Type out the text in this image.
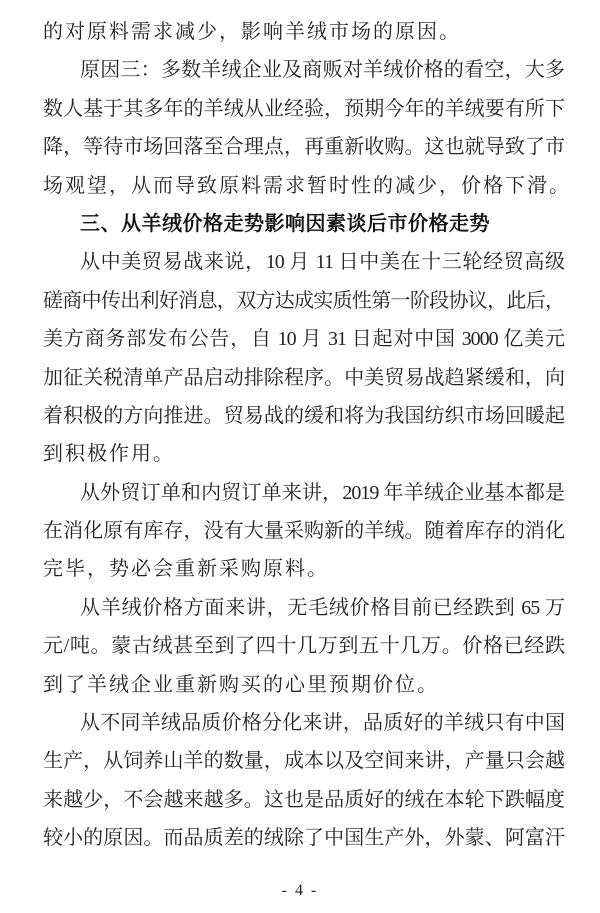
的对原料需求减少，影响羊绒市场的原因。
原因三：多数羊绒企业及商贩对羊绒价格的看空，大多
数人基于其多年的羊绒从业经验，预期今年的羊绒要有所下
降，等待市场回落至合理点，再重新收购。这也就导致了市
场观望，从而导致原料需求暂时性的减少，价格下滑。
三、从羊绒价格走势影响因素谈后市价格走势
从中美贸易战来说，10 月 11 日中美在十三轮经贸高级
磋商中传出利好消息，双方达成实质性第一阶段协议，此后，
美方商务部发布公告，自 10 月 31 日起对中国 3000 亿美元
加征关税清单产品启动排除程序。中美贸易战趋紧缓和，向
着积极的方向推进。贸易战的缓和将为我国纺织市场回暖起
到积极作用。
从外贸订单和内贸订单来讲，2019 年羊绒企业基本都是
在消化原有库存，没有大量采购新的羊绒。随着库存的消化
完毕，势必会重新采购原料。
从羊绒价格方面来讲，无毛绒价格目前已经跌到 65 万
元/吨。蒙古绒甚至到了四十几万到五十几万。价格已经跌
到了羊绒企业重新购买的心里预期价位。
从不同羊绒品质价格分化来讲，品质好的羊绒只有中国
生产，从饲养山羊的数量，成本以及空间来讲，产量只会越
来越少，不会越来越多。这也是品质好的绒在本轮下跌幅度
较小的原因。而品质差的绒除了中国生产外，外蒙、阿富汗
- 4 -
